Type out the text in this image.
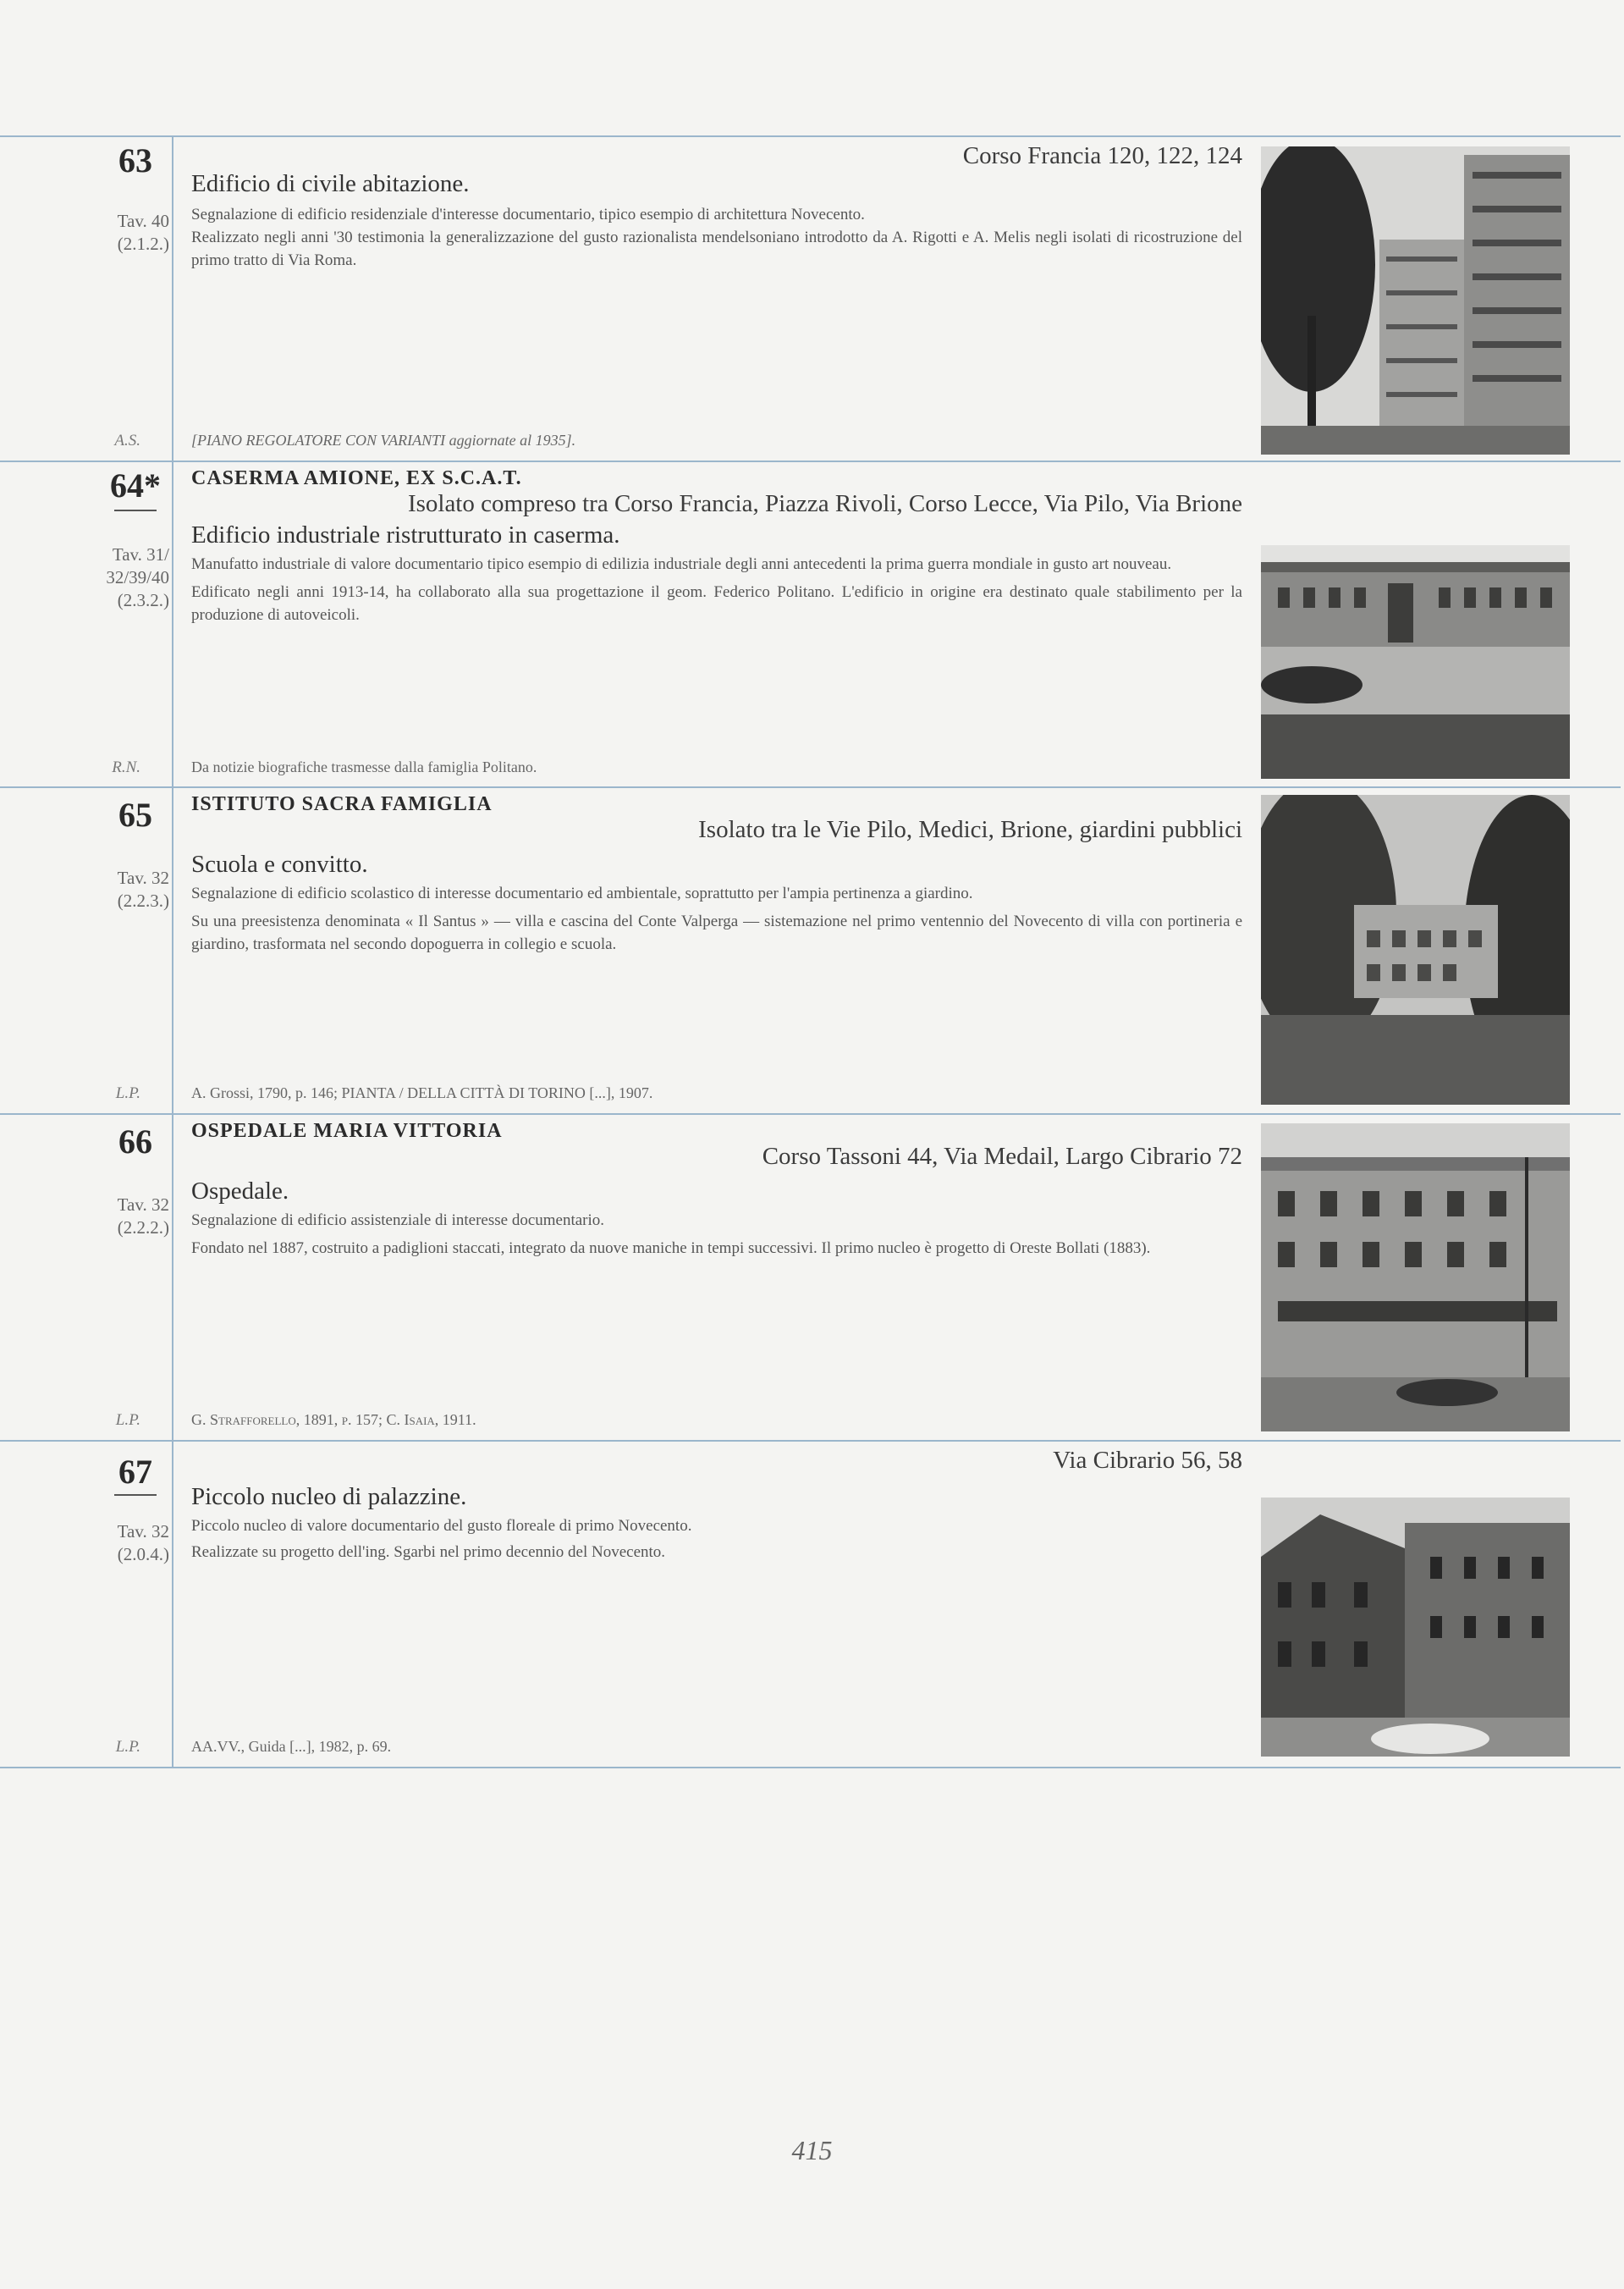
63
Tav. 40
(2.1.2.)
Corso Francia 120, 122, 124
Edificio di civile abitazione.

Segnalazione di edificio residenziale d'interesse documentario, tipico esempio di architettura Novecento.

Realizzato negli anni '30 testimonia la generalizzazione del gusto razionalista mendelsoniano introdotto da A. Rigotti e A. Melis negli isolati di ricostruzione del primo tratto di Via Roma.

A.S.	[PIANO REGOLATORE CON VARIANTI aggiornate al 1935].
64*
Tav. 31/
32/39/40
(2.3.2.)
CASERMA AMIONE, EX S.C.A.T.
Isolato compreso tra Corso Francia, Piazza Rivoli, Corso Lecce, Via Pilo, Via Brione
Edificio industriale ristrutturato in caserma.

Manufatto industriale di valore documentario tipico esempio di edilizia industriale degli anni antecedenti la prima guerra mondiale in gusto art nouveau.

Edificato negli anni 1913-14, ha collaborato alla sua progettazione il geom. Federico Politano. L'edificio in origine era destinato quale stabilimento per la produzione di autoveicoli.

R.N.	Da notizie biografiche trasmesse dalla famiglia Politano.
65
Tav. 32
(2.2.3.)
ISTITUTO SACRA FAMIGLIA
Isolato tra le Vie Pilo, Medici, Brione, giardini pubblici
Scuola e convitto.

Segnalazione di edificio scolastico di interesse documentario ed ambientale, soprattutto per l'ampia pertinenza a giardino.

Su una preesistenza denominata « Il Santus » — villa e cascina del Conte Valperga — sistemazione nel primo ventennio del Novecento di villa con portineria e giardino, trasformata nel secondo dopoguerra in collegio e scuola.

L.P.	A. Grossi, 1790, p. 146; PIANTA / DELLA CITTÀ DI TORINO [...], 1907.
66
Tav. 32
(2.2.2.)
OSPEDALE MARIA VITTORIA
Corso Tassoni 44, Via Medail, Largo Cibrario 72
Ospedale.

Segnalazione di edificio assistenziale di interesse documentario.

Fondato nel 1887, costruito a padiglioni staccati, integrato da nuove maniche in tempi successivi. Il primo nucleo è progetto di Oreste Bollati (1883).

L.P.	G. Strafforello, 1891, p. 157; C. Isaia, 1911.
67
Tav. 32
(2.0.4.)
Via Cibrario 56, 58
Piccolo nucleo di palazzine.

Piccolo nucleo di valore documentario del gusto floreale di primo Novecento.

Realizzate su progetto dell'ing. Sgarbi nel primo decennio del Novecento.

L.P.	AA.VV., Guida [...], 1982, p. 69.
415
